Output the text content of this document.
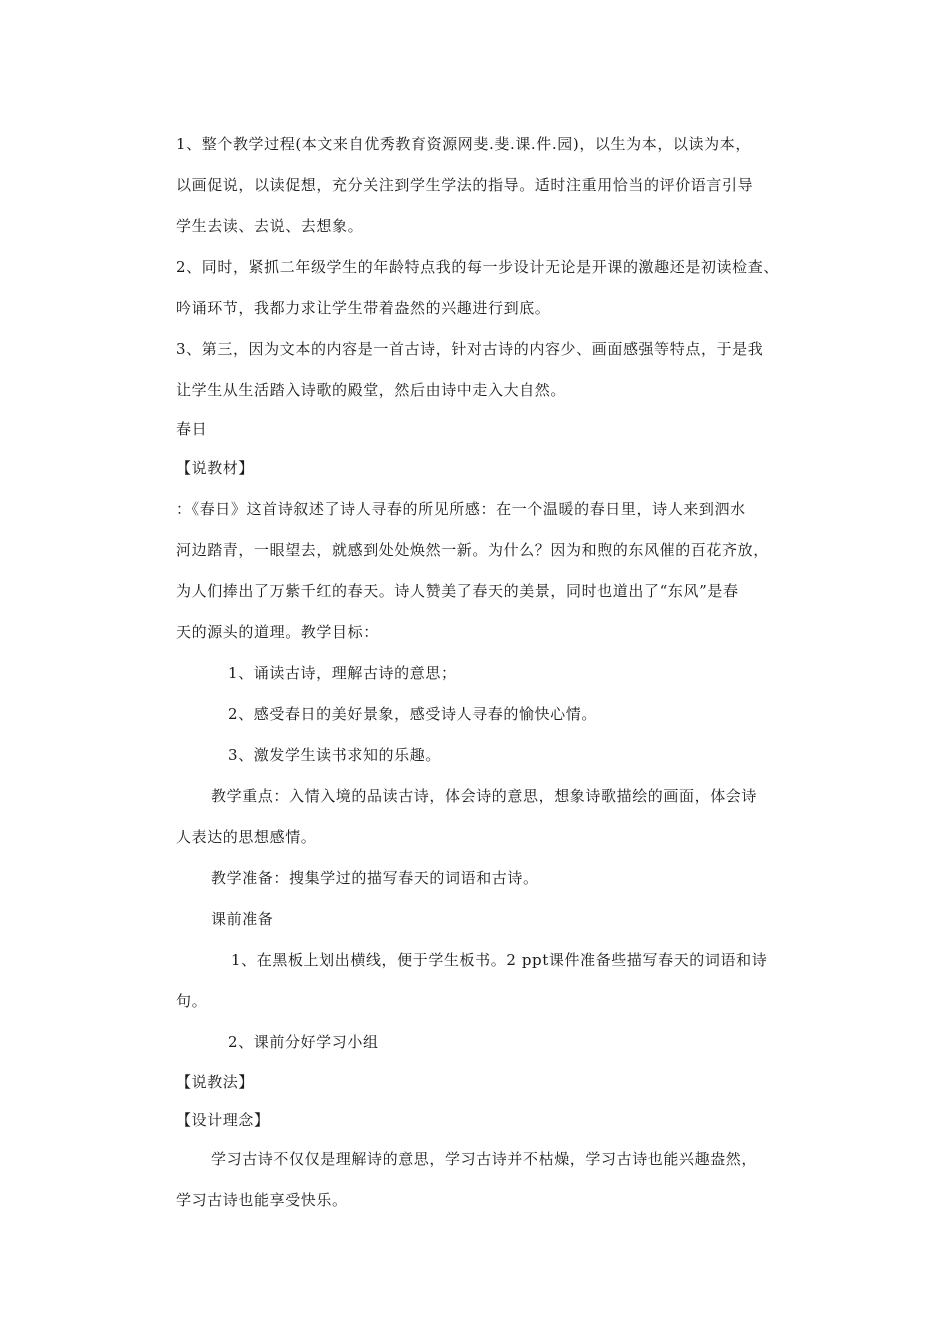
1、整个教学过程(本文来自优秀教育资源网斐.斐.课.件.园)，以生为本，以读为本，

以画促说，以读促想，充分关注到学生学法的指导。适时注重用恰当的评价语言引导

学生去读、去说、去想象。

2、同时，紧抓二年级学生的年龄特点我的每一步设计无论是开课的激趣还是初读检查、

吟诵环节，我都力求让学生带着盎然的兴趣进行到底。

3、第三，因为文本的内容是一首古诗，针对古诗的内容少、画面感强等特点，于是我

让学生从生活踏入诗歌的殿堂，然后由诗中走入大自然。

春日

【说教材】

：《春日》这首诗叙述了诗人寻春的所见所感：在一个温暖的春日里，诗人来到泗水

河边踏青，一眼望去，就感到处处焕然一新。为什么？因为和煦的东风催的百花齐放，

为人们捧出了万紫千红的春天。诗人赞美了春天的美景，同时也道出了“东风”是春

天的源头的道理。教学目标：

1、诵读古诗，理解古诗的意思；

2、感受春日的美好景象，感受诗人寻春的愉快心情。

3、激发学生读书求知的乐趣。

教学重点：入情入境的品读古诗，体会诗的意思，想象诗歌描绘的画面，体会诗

人表达的思想感情。

教学准备：搜集学过的描写春天的词语和古诗。

课前准备

1、在黑板上划出横线，便于学生板书。2 ppt课件准备些描写春天的词语和诗

句。

2、课前分好学习小组

【说教法】

【设计理念】

学习古诗不仅仅是理解诗的意思，学习古诗并不枯燥，学习古诗也能兴趣盎然，

学习古诗也能享受快乐。
